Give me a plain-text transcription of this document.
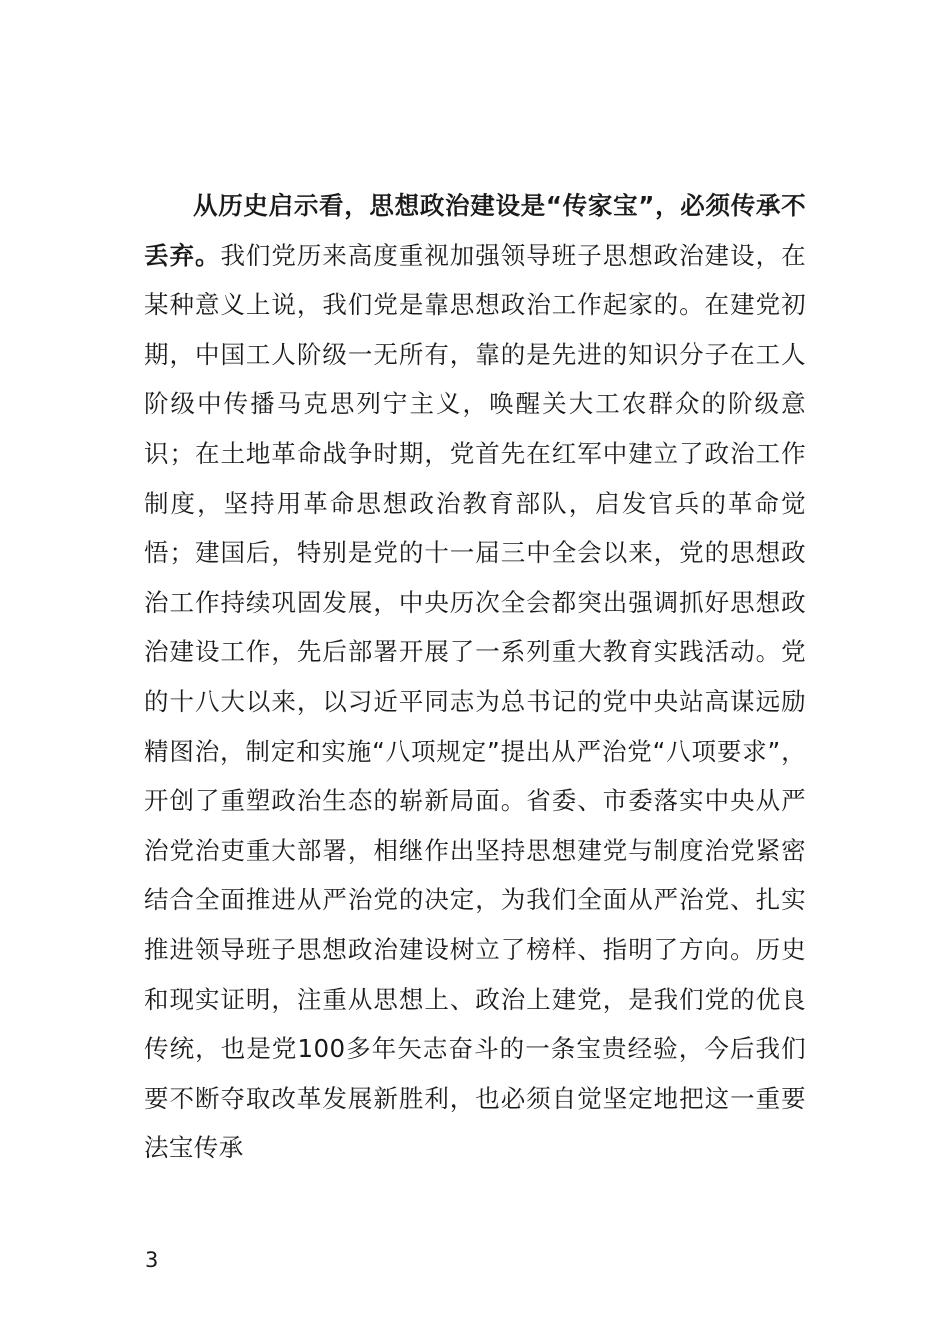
从历史启示看，思想政治建设是“传家宝”，必须传承不丢弃。我们党历来高度重视加强领导班子思想政治建设，在某种意义上说，我们党是靠思想政治工作起家的。在建党初期，中国工人阶级一无所有，靠的是先进的知识分子在工人阶级中传播马克思列宁主义，唤醒关大工农群众的阶级意识；在土地革命战争时期，党首先在红军中建立了政治工作制度，坚持用革命思想政治教育部队，启发官兵的革命觉悟；建国后，特别是党的十一届三中全会以来，党的思想政治工作持续巩固发展，中央历次全会都突出强调抓好思想政治建设工作，先后部署开展了一系列重大教育实践活动。党的十八大以来，以习近平同志为总书记的党中央站高谋远励精图治，制定和实施“八项规定”提出从严治党“八项要求”，开创了重塑政治生态的崭新局面。省委、市委落实中央从严治党治吏重大部署，相继作出坚持思想建党与制度治党紧密结合全面推进从严治党的决定，为我们全面从严治党、扎实推进领导班子思想政治建设树立了榜样、指明了方向。历史和现实证明，注重从思想上、政治上建党，是我们党的优良传统，也是党100多年矢志奋斗的一条宝贵经验，今后我们要不断夺取改革发展新胜利，也必须自觉坚定地把这一重要法宝传承

3
